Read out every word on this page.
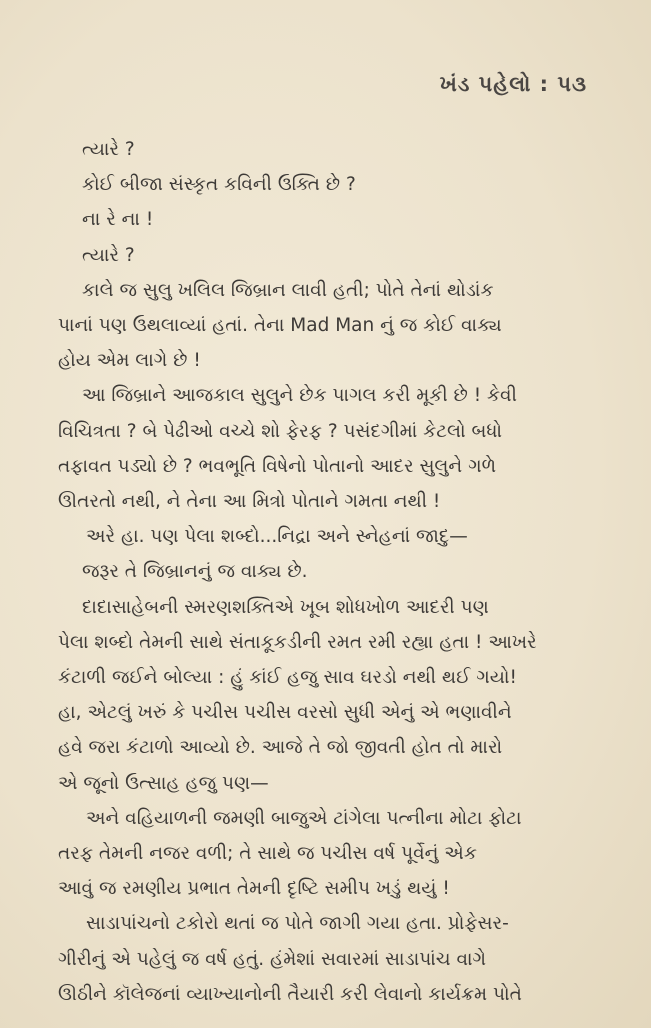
ખંડ પહેલો : પ૩
ત્યારે ?
કોઈ બીજા સંસ્કૃત કવિની ઉક્તિ છે ?
ના રે ના !
ત્યારે ?
કાલે જ સુલુ ખલિલ જિબ્રાન લાવી હતી; પોતે તેનાં થોડાંક
પાનાં પણ ઉથલાવ્યાં હતાં. તેના Mad Man નું જ કોઈ વાક્ય
હોય એમ લાગે છે !
આ જિબ્રાને આજકાલ સુલુને છેક પાગલ કરી મૂકી છે ! કેવી
વિચિત્રતા ? બે પેઢીઓ વચ્ચે શો ફેરફ ? પસંદગીમાં કેટલો બધો
તફાવત પડ્યો છે ? ભવભૂતિ વિષેનો પોતાનો આદર સુલુને ગળે
ઊતરતો નથી, ને તેના આ મિત્રો પોતાને ગમતા નથી !
અરે હા. પણ પેલા શબ્દો...નિદ્રા અને સ્નેહનાં જાદુ—
જરૂર તે જિબ્રાનનું જ વાક્ય છે.
દાદાસાહેબની સ્મરણશક્તિએ ખૂબ શોધખોળ આદરી પણ
પેલા શબ્દો તેમની સાથે સંતાકૂકડીની રમત રમી રહ્યા હતા ! આખરે
કંટાળી જઈને બોલ્યા : હું કાંઈ હજુ સાવ ઘરડો નથી થઈ ગયો!
હા, એટલું ખરું કે પચીસ પચીસ વરસો સુધી એનું એ ભણાવીને
હવે જરા કંટાળો આવ્યો છે. આજે તે જો જીવતી હોત તો મારો
એ જૂનો ઉત્સાહ હજુ પણ—
અને વહિયાળની જમણી બાજુએ ટાંગેલા પત્નીના મોટા ફોટા
તરફ તેમની નજર વળી; તે સાથે જ પચીસ વર્ષ પૂર્વેનું એક
આવું જ રમણીય પ્રભાત તેમની દૃષ્ટિ સમીપ ખડું થયું !
સાડાપાંચનો ટકોરો થતાં જ પોતે જાગી ગયા હતા. પ્રોફેસર-
ગીરીનું એ પહેલું જ વર્ષ હતું. હંમેશાં સવારમાં સાડાપાંચ વાગે
ઊઠીને કૉલેજનાં વ્યાખ્યાનોની તૈયારી કરી લેવાનો કાર્યક્રમ પોતે
